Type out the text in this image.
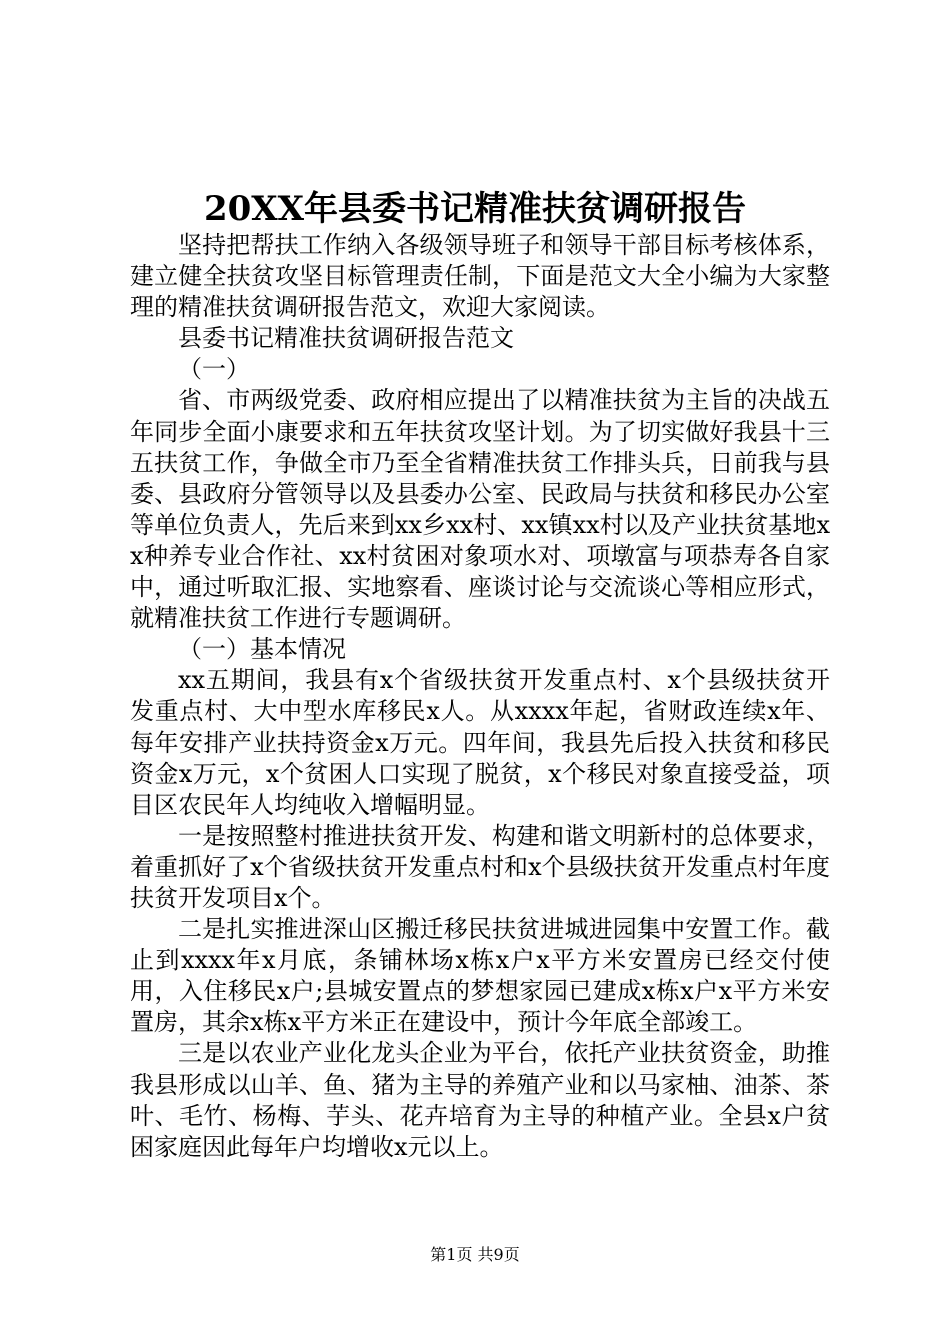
20XX年县委书记精准扶贫调研报告

坚持把帮扶工作纳入各级领导班子和领导干部目标考核体系，建立健全扶贫攻坚目标管理责任制，下面是范文大全小编为大家整理的精准扶贫调研报告范文，欢迎大家阅读。

县委书记精准扶贫调研报告范文

（一）

省、市两级党委、政府相应提出了以精准扶贫为主旨的决战五年同步全面小康要求和五年扶贫攻坚计划。为了切实做好我县十三五扶贫工作，争做全市乃至全省精准扶贫工作排头兵，日前我与县委、县政府分管领导以及县委办公室、民政局与扶贫和移民办公室等单位负责人，先后来到xx乡xx村、xx镇xx村以及产业扶贫基地xx种养专业合作社、xx村贫困对象项水对、项墩富与项恭寿各自家中，通过听取汇报、实地察看、座谈讨论与交流谈心等相应形式，就精准扶贫工作进行专题调研。

（一）基本情况

xx五期间，我县有x个省级扶贫开发重点村、x个县级扶贫开发重点村、大中型水库移民x人。从xxxx年起，省财政连续x年、每年安排产业扶持资金x万元。四年间，我县先后投入扶贫和移民资金x万元，x个贫困人口实现了脱贫，x个移民对象直接受益，项目区农民年人均纯收入增幅明显。

一是按照整村推进扶贫开发、构建和谐文明新村的总体要求，着重抓好了x个省级扶贫开发重点村和x个县级扶贫开发重点村年度扶贫开发项目x个。

二是扎实推进深山区搬迁移民扶贫进城进园集中安置工作。截止到xxxx年x月底，条铺林场x栋x户x平方米安置房已经交付使用，入住移民x户;县城安置点的梦想家园已建成x栋x户x平方米安置房，其余x栋x平方米正在建设中，预计今年底全部竣工。

三是以农业产业化龙头企业为平台，依托产业扶贫资金，助推我县形成以山羊、鱼、猪为主导的养殖产业和以马家柚、油茶、茶叶、毛竹、杨梅、芋头、花卉培育为主导的种植产业。全县x户贫困家庭因此每年户均增收x元以上。

第1页 共9页
